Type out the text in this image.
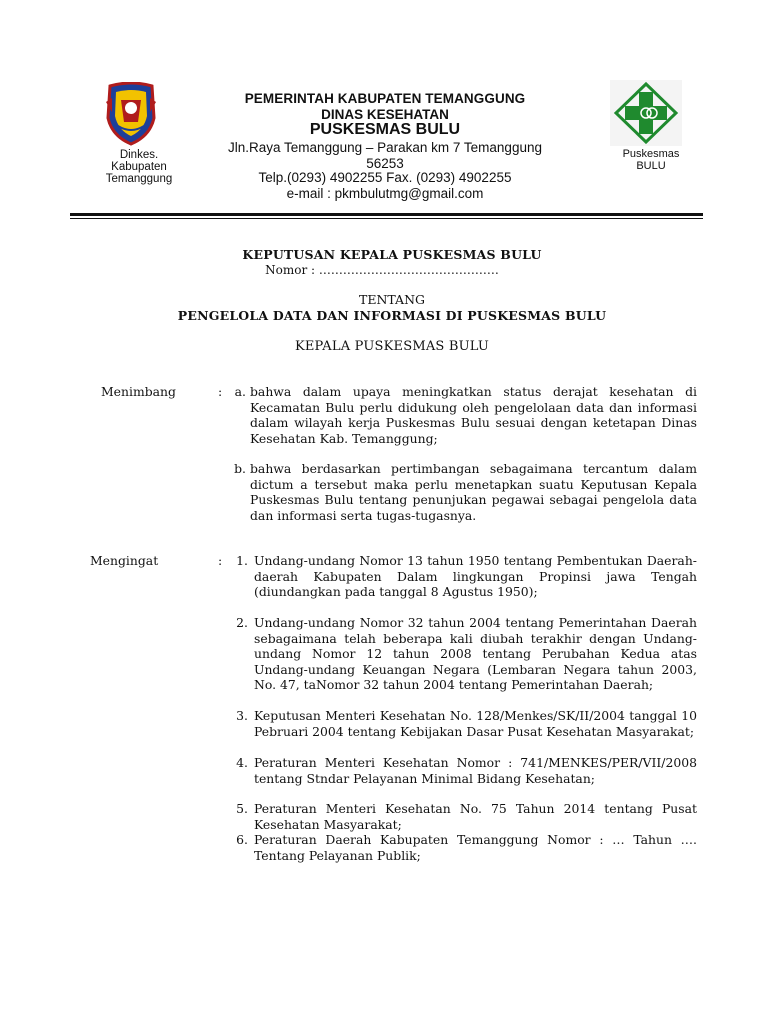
Dinkes.
Kabupaten
Temanggung
PEMERINTAH KABUPATEN TEMANGGUNG
DINAS KESEHATAN
PUSKESMAS BULU
Jln.Raya Temanggung – Parakan km 7 Temanggung
56253
Telp.(0293) 4902255 Fax. (0293) 4902255
e-mail : pkmbulutmg@gmail.com
Puskesmas
BULU
KEPUTUSAN KEPALA PUSKESMAS BULU
Nomor : ………………………………………
TENTANG
PENGELOLA DATA DAN INFORMASI DI PUSKESMAS BULU
KEPALA PUSKESMAS BULU
Menimbang	:	a. bahwa dalam upaya meningkatkan status derajat kesehatan di Kecamatan Bulu perlu didukung oleh pengelolaan data dan informasi dalam wilayah kerja Puskesmas Bulu sesuai dengan ketetapan Dinas Kesehatan Kab. Temanggung;
b. bahwa berdasarkan pertimbangan sebagaimana tercantum dalam dictum a tersebut maka perlu menetapkan suatu Keputusan Kepala Puskesmas Bulu tentang penunjukan pegawai sebagai pengelola data dan informasi serta tugas-tugasnya.
Mengingat	:	1. Undang-undang Nomor 13 tahun 1950 tentang Pembentukan Daerah-daerah Kabupaten Dalam lingkungan Propinsi jawa Tengah (diundangkan pada tanggal 8 Agustus 1950);
2. Undang-undang Nomor 32 tahun 2004 tentang Pemerintahan Daerah sebagaimana telah beberapa kali diubah terakhir dengan Undang-undang Nomor 12 tahun 2008 tentang Perubahan Kedua atas Undang-undang Keuangan Negara (Lembaran Negara tahun 2003, No. 47, taNomor 32 tahun 2004 tentang Pemerintahan Daerah;
3. Keputusan Menteri Kesehatan No. 128/Menkes/SK/II/2004 tanggal 10 Pebruari 2004 tentang Kebijakan Dasar Pusat Kesehatan Masyarakat;
4. Peraturan Menteri Kesehatan Nomor : 741/MENKES/PER/VII/2008 tentang Stndar Pelayanan Minimal Bidang Kesehatan;
5. Peraturan Menteri Kesehatan No. 75 Tahun 2014 tentang Pusat Kesehatan Masyarakat;
6. Peraturan Daerah Kabupaten Temanggung Nomor : … Tahun …. Tentang Pelayanan Publik;
